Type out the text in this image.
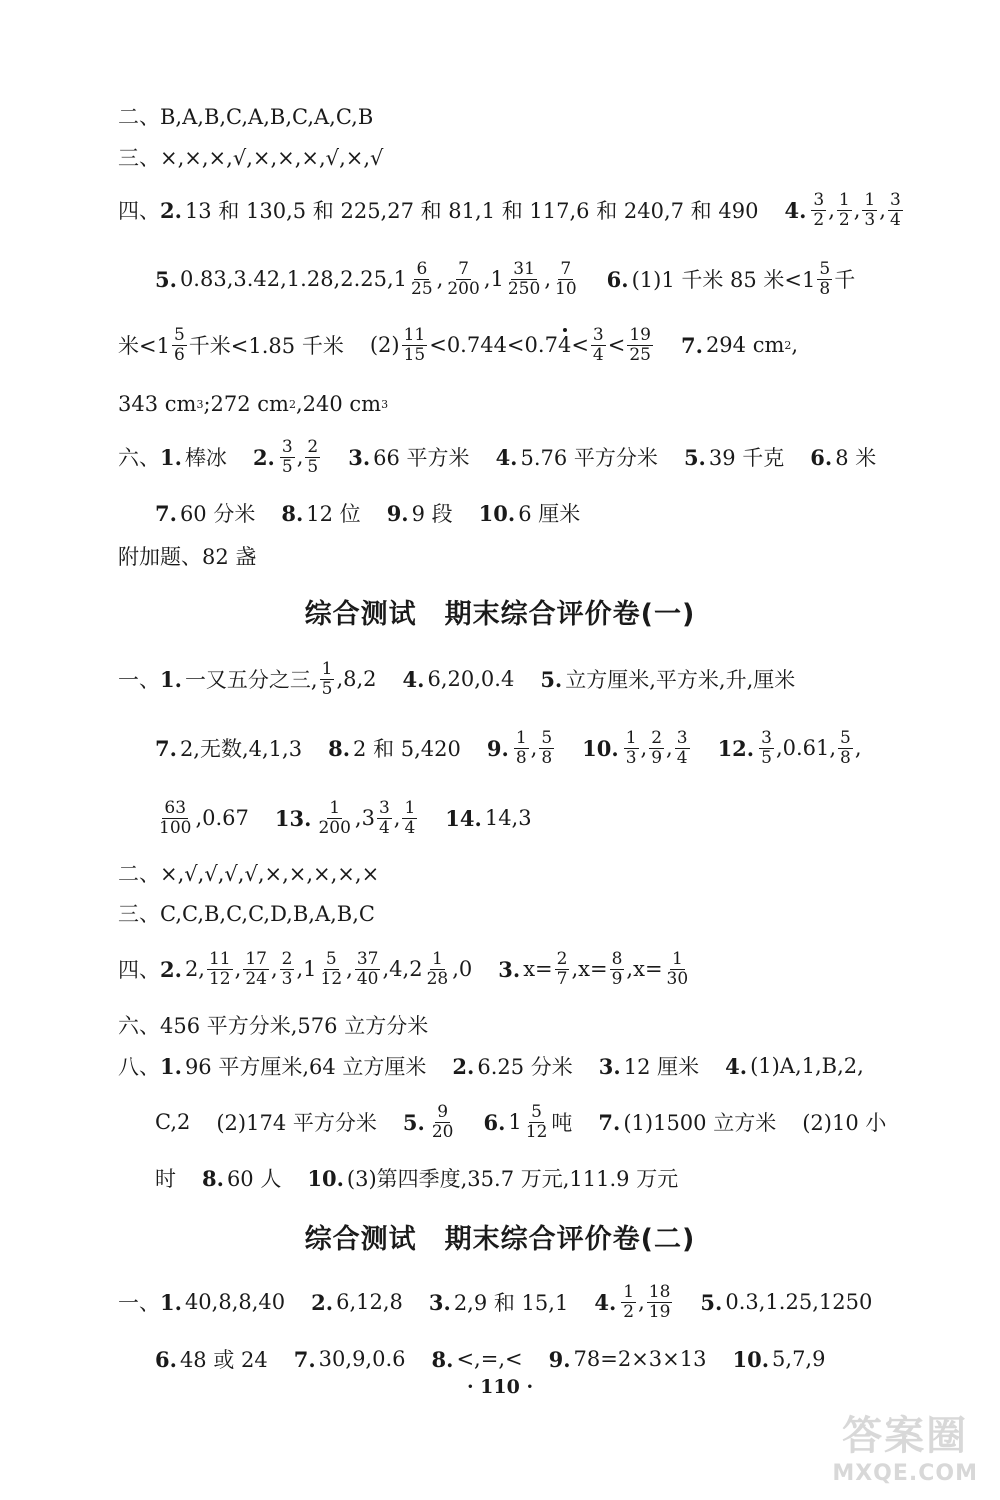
二、B,A,B,C,A,B,C,A,C,B
三、×,×,×,√,×,×,×,√,×,√
四、 2. 13 和 130,5 和 225,27 和 81,1 和 117,6 和 240,7 和 490 4. $\frac{3}{2}$ , $\frac{1}{2}$ , $\frac{1}{3}$ , $\frac{3}{4}$
5. $0.83,3.42,1.28,2.25,1 \frac{6}{25}$ , $\frac{7}{200} ,1 \frac{31}{250}$ , $\frac{7}{10} 6$. (1)1 千米 85 米$<1 \frac{5}{8}$ 千
米$<1 \frac{5}{6}$ 千米<1.85 千米 $(2) \frac{11}{15} <0.744<0.7$ $4 < \frac{3}{4} < \frac{19}{25} 7$. 294 cm 2 ,
343 cm 3 ;272 cm 2 ,240 cm 3
六、 1. 棒冰 2. $\frac{3}{5}$ , $\frac{2}{5} 3$. 66 平方米 4. 5.76 平方分米 5. 39 千克 6. 8 米
7. 60 分米 8. 12 位 9. 9 段 10. 6 厘米
附加题、82 盏
一、 1. 一又五分之三, $\frac{1}{5} ,8,2$ 4. 6,20,0.4 5. 立方厘米,平方米,升,厘米
7. 2,无数,4,1,3 8. 2 和 5,420 9. $\frac{1}{8}$ , $\frac{5}{8} 10$. $\frac{1}{3}$ , $\frac{2}{9}$ , $\frac{3}{4} 12$. $\frac{3}{5} ,0.61$, $\frac{5}{8}$ ,
$\frac{63}{100} ,0.67$ 13. $\frac{1}{200} ,3 \frac{3}{4}$ , $\frac{1}{4} 14$. 14,3
二、×,√,√,√,√,×,×,×,×,×
三、C,C,B,C,C,D,B,A,B,C
四、 2. 2, $\frac{11}{12}$ , $\frac{17}{24}$ , $\frac{2}{3} ,1 \frac{5}{12}$ , $\frac{37}{40} ,4,2 \frac{1}{28} ,0$ 3. $x= \frac{2}{7} ,x= \frac{8}{9} ,x= \frac{1}{30}$
六、456 平方分米,576 立方分米
八、 1. 96 平方厘米,64 立方厘米 2. 6.25 分米 3. 12 厘米 4. (1)A,1,B,2,
C,2 (2)174 平方分米 5. $\frac{9}{20} 6$. $1 \frac{5}{12}$ 吨 7. (1)1500 立方米 (2)10 小
时 8. 60 人 10. (3)第四季度,35.7 万元,111.9 万元
一、 1. 40,8,8,40 2. 6,12,8 3. 2,9 和 15,1 4. $\frac{1}{2}$ , $\frac{18}{19} 5$. 0.3,1.25,1250
6. 48 或 24 7. 30,9,0.6 8. <,=,< 9. 78=2×3×13 10. 5,7,9
综合测试　期末综合评价卷(一)
综合测试　期末综合评价卷(二)
· 110 ·
答案圈
MXQE.COM
